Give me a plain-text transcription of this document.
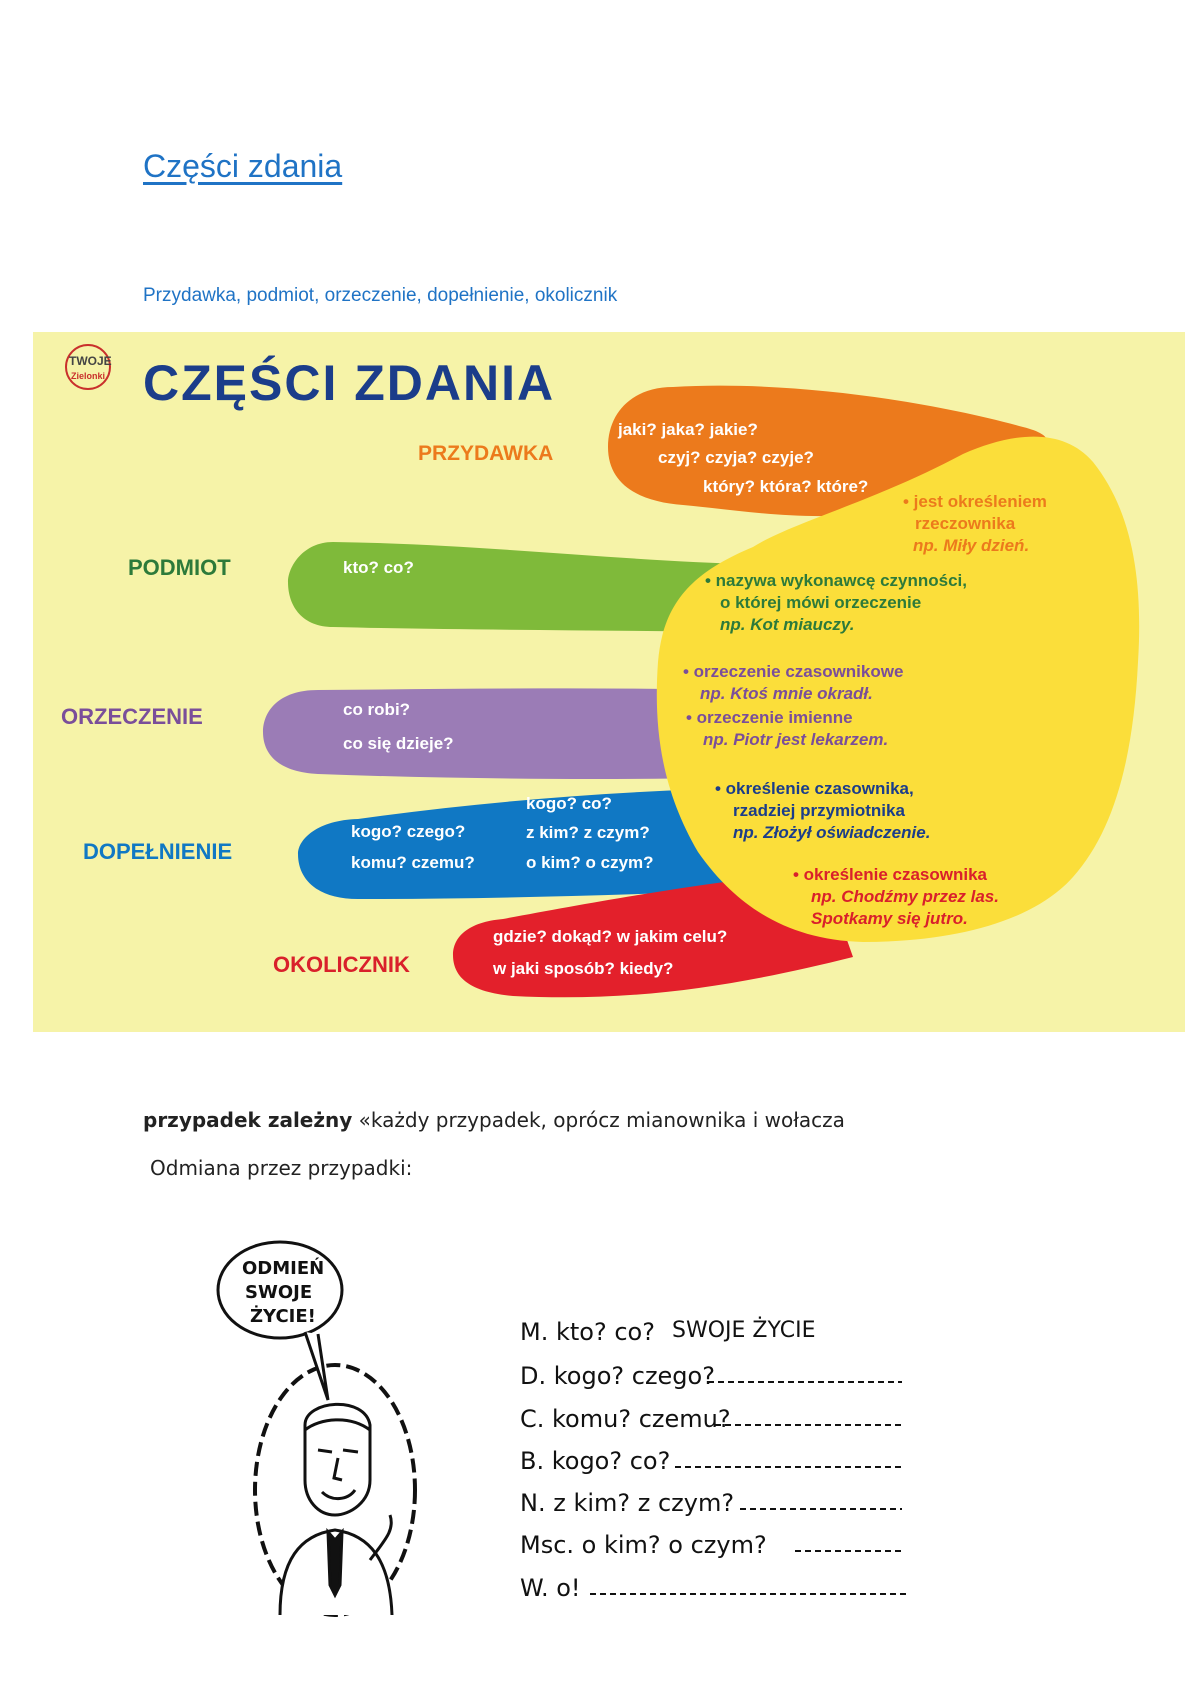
Części zdania
Przydawka, podmiot, orzeczenie, dopełnienie, okolicznik
TWOJE
Zielonki CZĘŚCI ZDANIA
PRZYDAWKA
jaki? jaka? jakie?
czyj? czyja? czyje?
który? która? które?
• jest określeniem
rzeczownika
np. Miły dzień.
PODMIOT	kto? co?
• nazywa wykonawcę czynności,
o której mówi orzeczenie
np. Kot miauczy.
ORZECZENIE	co robi?
co się dzieje?
• orzeczenie czasownikowe
np. Ktoś mnie okradł.
• orzeczenie imienne
np. Piotr jest lekarzem.
DOPEŁNIENIE
kogo? czego?
komu? czemu?
kogo? co?
z kim? z czym?
o kim? o czym?
• określenie czasownika,
rzadziej przymiotnika
np. Złożył oświadczenie.
OKOLICZNIK
gdzie? dokąd? w jakim celu?
w jaki sposób? kiedy?
• określenie czasownika
np. Chodźmy przez las.
Spotkamy się jutro.
przypadek zależny «każdy przypadek, oprócz mianownika i wołacza
Odmiana przez przypadki:
ODMIEŃ
SWOJE
ŻYCIE!
M. kto? co? SWOJE ŻYCIE
D. kogo? czego?
C. komu? czemu?
B. kogo? co?
N. z kim? z czym?
Msc. o kim? o czym?
W. o!
